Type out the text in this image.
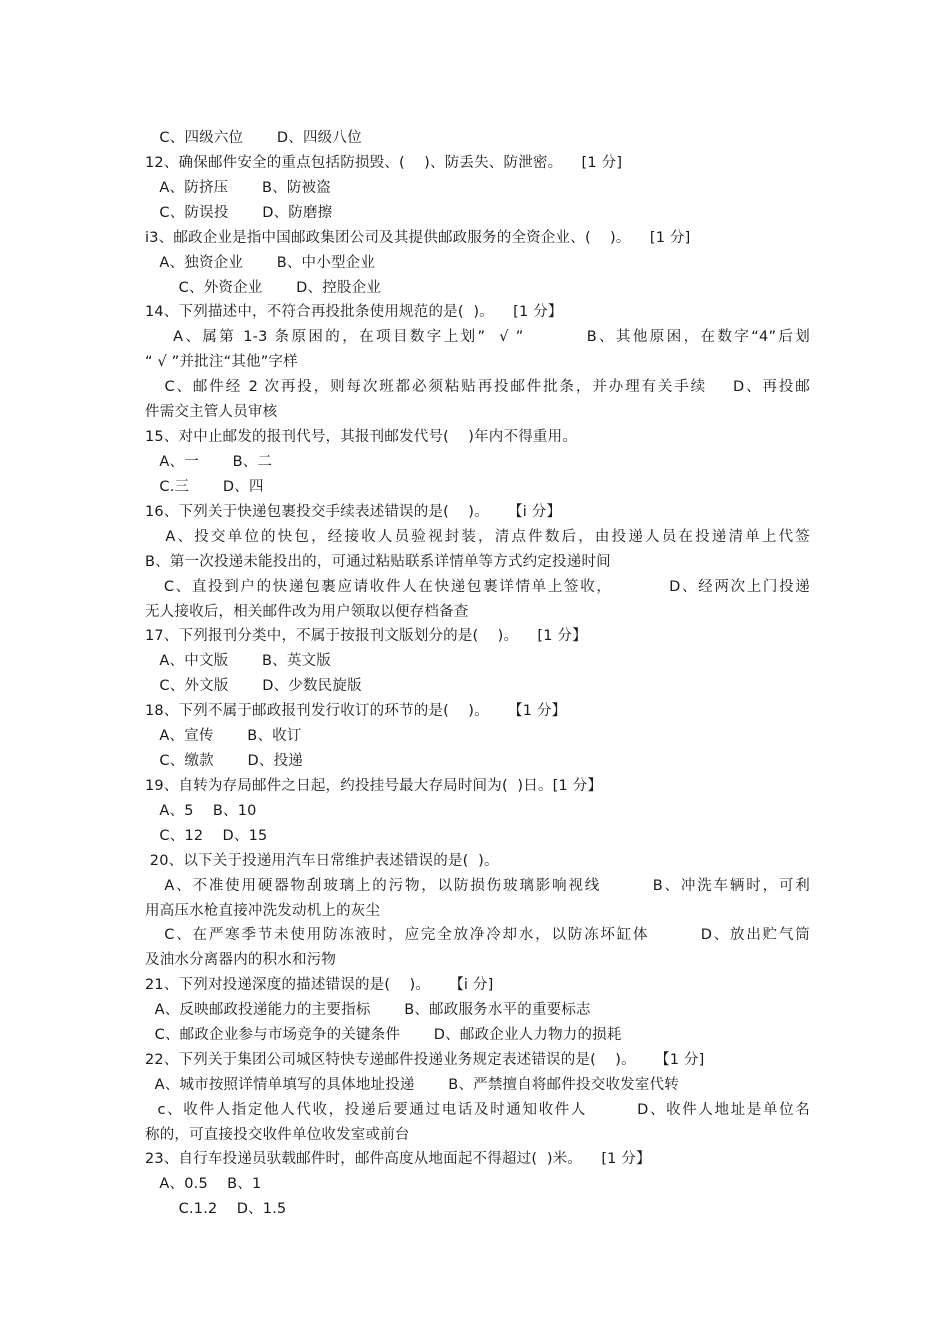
C、四级六位       D、四级八位
12、确保邮件安全的重点包括防损毁、(    )、防丢失、防泄密。    [1 分]
A、防挤压       B、防被盗
C、防误投       D、防磨擦
i3、邮政企业是指中国邮政集团公司及其提供邮政服务的全资企业、(    )。    [1 分]
A、独资企业       B、中小型企业
C、外资企业       D、控股企业
14、下列描述中，不符合再投批条使用规范的是(  )。    [1 分】
A、属第 1-3 条原困的，在项目数字上划”  √ ”         B、其他原困，在数字“4”后划
“ √ ”并批注“其他”字样
C、邮件经 2 次再投，则每次班都必须粘贴再投邮件批条，并办理有关手续    D、再投邮
件需交主管人员审核
15、对中止邮发的报刊代号，其报刊邮发代号(    )年内不得重用。
A、一       B、二
C.三       D、四
16、下列关于快递包裹投交手续表述错误的是(    )。    【i 分】
A、投交单位的快包，经接收人员验视封装，清点件数后，由投递人员在投递清单上代签
B、第一次投递未能投出的，可通过粘贴联系详情单等方式约定投递时间
C、直投到户的快递包裹应请收件人在快递包裹详情单上签收，         D、经两次上门投递
无人接收后，相关邮件改为用户领取以便存档备查
17、下列报刊分类中，不属于按报刊文版划分的是(    )。    [1 分】
A、中文版       B、英文版
C、外文版       D、少数民旋版
18、下列不属于邮政报刊发行收订的环节的是(    )。    【1 分】
A、宣传       B、收订
C、缴款       D、投递
19、自转为存局邮件之日起，约投挂号最大存局时间为(  )日。[1 分】
A、5    B、10
C、12    D、15
20、以下关于投递用汽车日常维护表述错误的是(  )。
A、不准使用硬器物刮玻璃上的污物，以防损伤玻璃影响视线        B、冲洗车辆时，可利
用高压水枪直接冲洗发动机上的灰尘
C、在严寒季节未使用防冻液时，应完全放净冷却水，以防冻坏缸体        D、放出贮气筒
及油水分离器内的积水和污物
21、下列对投递深度的描述错误的是(    )。    【i 分]
A、反映邮政投递能力的主要指标       B、邮政服务水平的重要标志
C、邮政企业参与市场竞争的关键条件       D、邮政企业人力物力的损耗
22、下列关于集团公司城区特快专递邮件投递业务规定表述错误的是(    )。    【1 分]
A、城市按照详情单填写的具体地址投递       B、严禁擅自将邮件投交收发室代转
c、收件人指定他人代收，投递后要通过电话及时通知收件人        D、收件人地址是单位名
称的，可直接投交收件单位收发室或前台
23、自行车投递员驮载邮件时，邮件高度从地面起不得超过(  )米。    [1 分】
A、0.5    B、1
C.1.2    D、1.5
